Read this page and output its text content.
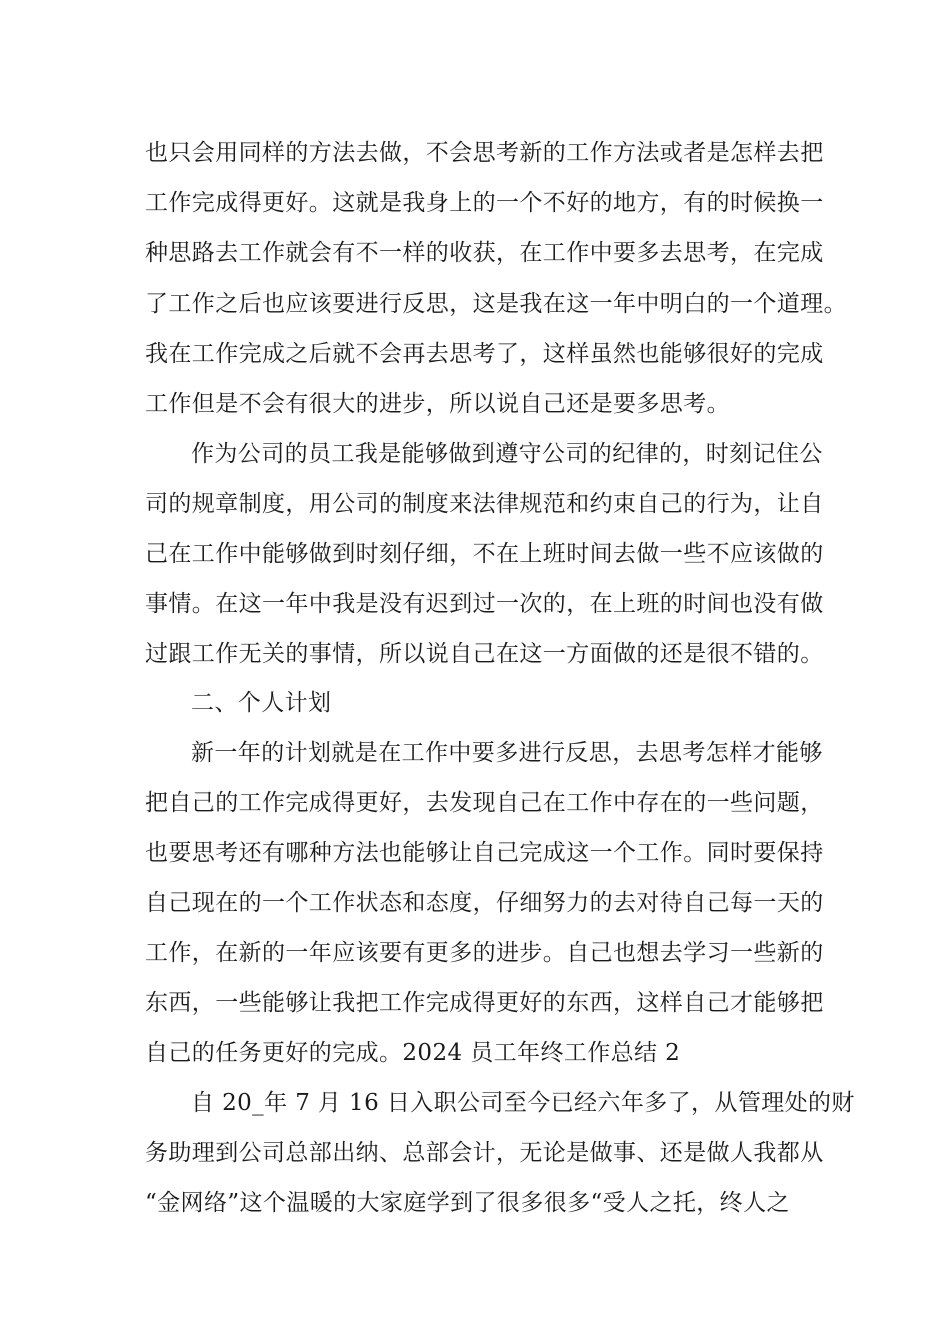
也只会用同样的方法去做，不会思考新的工作方法或者是怎样去把
工作完成得更好。这就是我身上的一个不好的地方，有的时候换一
种思路去工作就会有不一样的收获，在工作中要多去思考，在完成
了工作之后也应该要进行反思，这是我在这一年中明白的一个道理。
我在工作完成之后就不会再去思考了，这样虽然也能够很好的完成
工作但是不会有很大的进步，所以说自己还是要多思考。
作为公司的员工我是能够做到遵守公司的纪律的，时刻记住公
司的规章制度，用公司的制度来法律规范和约束自己的行为，让自
己在工作中能够做到时刻仔细，不在上班时间去做一些不应该做的
事情。在这一年中我是没有迟到过一次的，在上班的时间也没有做
过跟工作无关的事情，所以说自己在这一方面做的还是很不错的。
二、个人计划
新一年的计划就是在工作中要多进行反思，去思考怎样才能够
把自己的工作完成得更好，去发现自己在工作中存在的一些问题，
也要思考还有哪种方法也能够让自己完成这一个工作。同时要保持
自己现在的一个工作状态和态度，仔细努力的去对待自己每一天的
工作，在新的一年应该要有更多的进步。自己也想去学习一些新的
东西，一些能够让我把工作完成得更好的东西，这样自己才能够把
自己的任务更好的完成。2024 员工年终工作总结 2
自 20_年 7 月 16 日入职公司至今已经六年多了，从管理处的财
务助理到公司总部出纳、总部会计，无论是做事、还是做人我都从
“金网络”这个温暖的大家庭学到了很多很多“受人之托，终人之
